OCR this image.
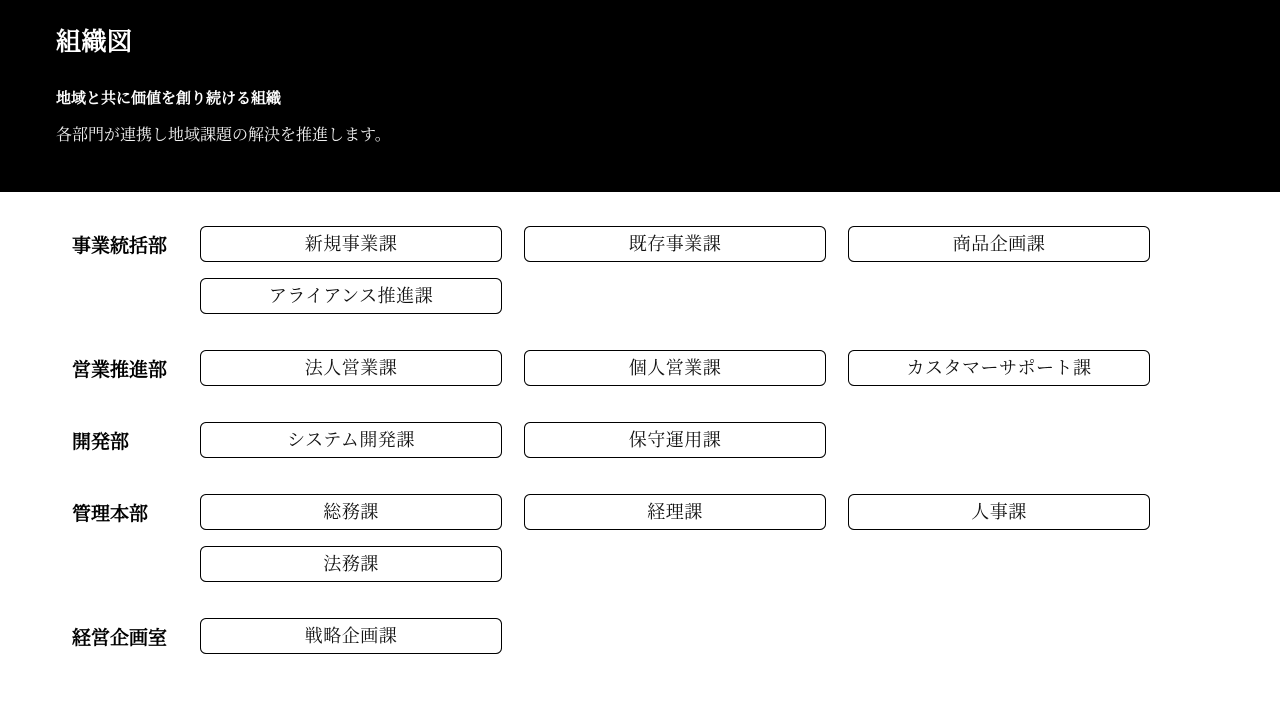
組織図
地域と共に価値を創り続ける組織
各部門が連携し地域課題の解決を推進します。
事業統括部	新規事業課	既存事業課	商品企画課
アライアンス推進課
営業推進部	法人営業課	個人営業課	カスタマーサポート課
開発部	システム開発課	保守運用課
管理本部	総務課	経理課	人事課
法務課
経営企画室	戦略企画課
